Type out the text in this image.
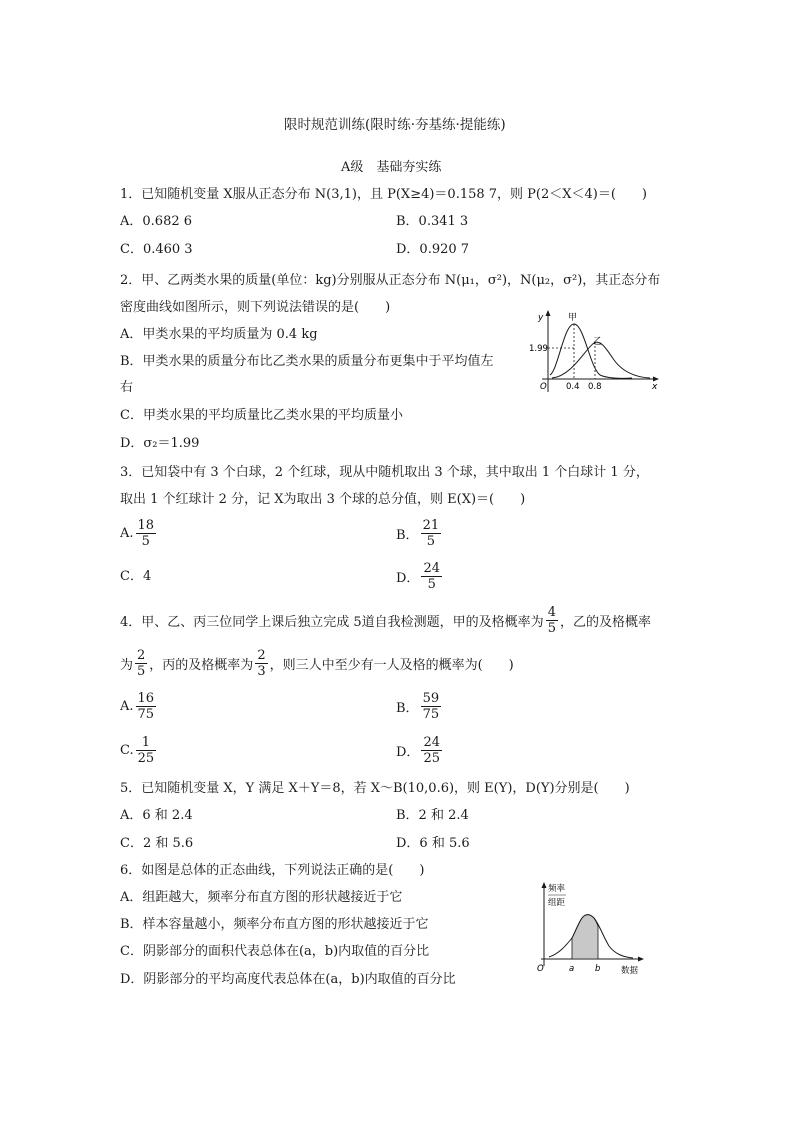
限时规范训练(限时练·夯基练·提能练)
A级　基础夯实练
1．已知随机变量 X服从正态分布 N(3,1)，且 P(X≥4)＝0.158 7，则 P(2＜X＜4)＝(　　)
A．0.682 6	B．0.341 3
C．0.460 3	D．0.920 7
2．甲、乙两类水果的质量(单位：kg)分别服从正态分布 N(μ₁，σ²)，N(μ₂，σ²)，其正态分布
密度曲线如图所示，则下列说法错误的是(　　)
A．甲类水果的平均质量为 0.4 kg
B．甲类水果的质量分布比乙类水果的质量分布更集中于平均值左
右
C．甲类水果的平均质量比乙类水果的平均质量小
D．σ₂＝1.99
y	甲
乙
1.99
O 0.4 0.8	x
3．已知袋中有 3 个白球，2 个红球，现从中随机取出 3 个球，其中取出 1 个白球计 1 分，
取出 1 个红球计 2 分，记 X为取出 3 个球的总分值，则 E(X)＝(　　)
A. $\frac{18}{5}$	B． $\frac{21}{5}$
C．4	D． $\frac{24}{5}$
4．甲、乙、丙三位同学上课后独立完成 5道自我检测题，甲的及格概率为 $\frac{4}{5}$ ，乙的及格概率
为 $\frac{2}{5}$ ，丙的及格概率为 $\frac{2}{3}$ ，则三人中至少有一人及格的概率为(　　)
A. $\frac{16}{75}$	B． $\frac{59}{75}$
C. $\frac{1}{25}$	D． $\frac{24}{25}$
5．已知随机变量 X，Y 满足 X＋Y＝8，若 X～B(10,0.6)，则 E(Y)，D(Y)分别是(　　)
A．6 和 2.4	B．2 和 2.4
C．2 和 5.6	D．6 和 5.6
6．如图是总体的正态曲线，下列说法正确的是(　　)
A．组距越大，频率分布直方图的形状越接近于它
B．样本容量越小，频率分布直方图的形状越接近于它
C．阴影部分的面积代表总体在(a，b)内取值的百分比
D．阴影部分的平均高度代表总体在(a，b)内取值的百分比
频率
组距
O	a b 数据
